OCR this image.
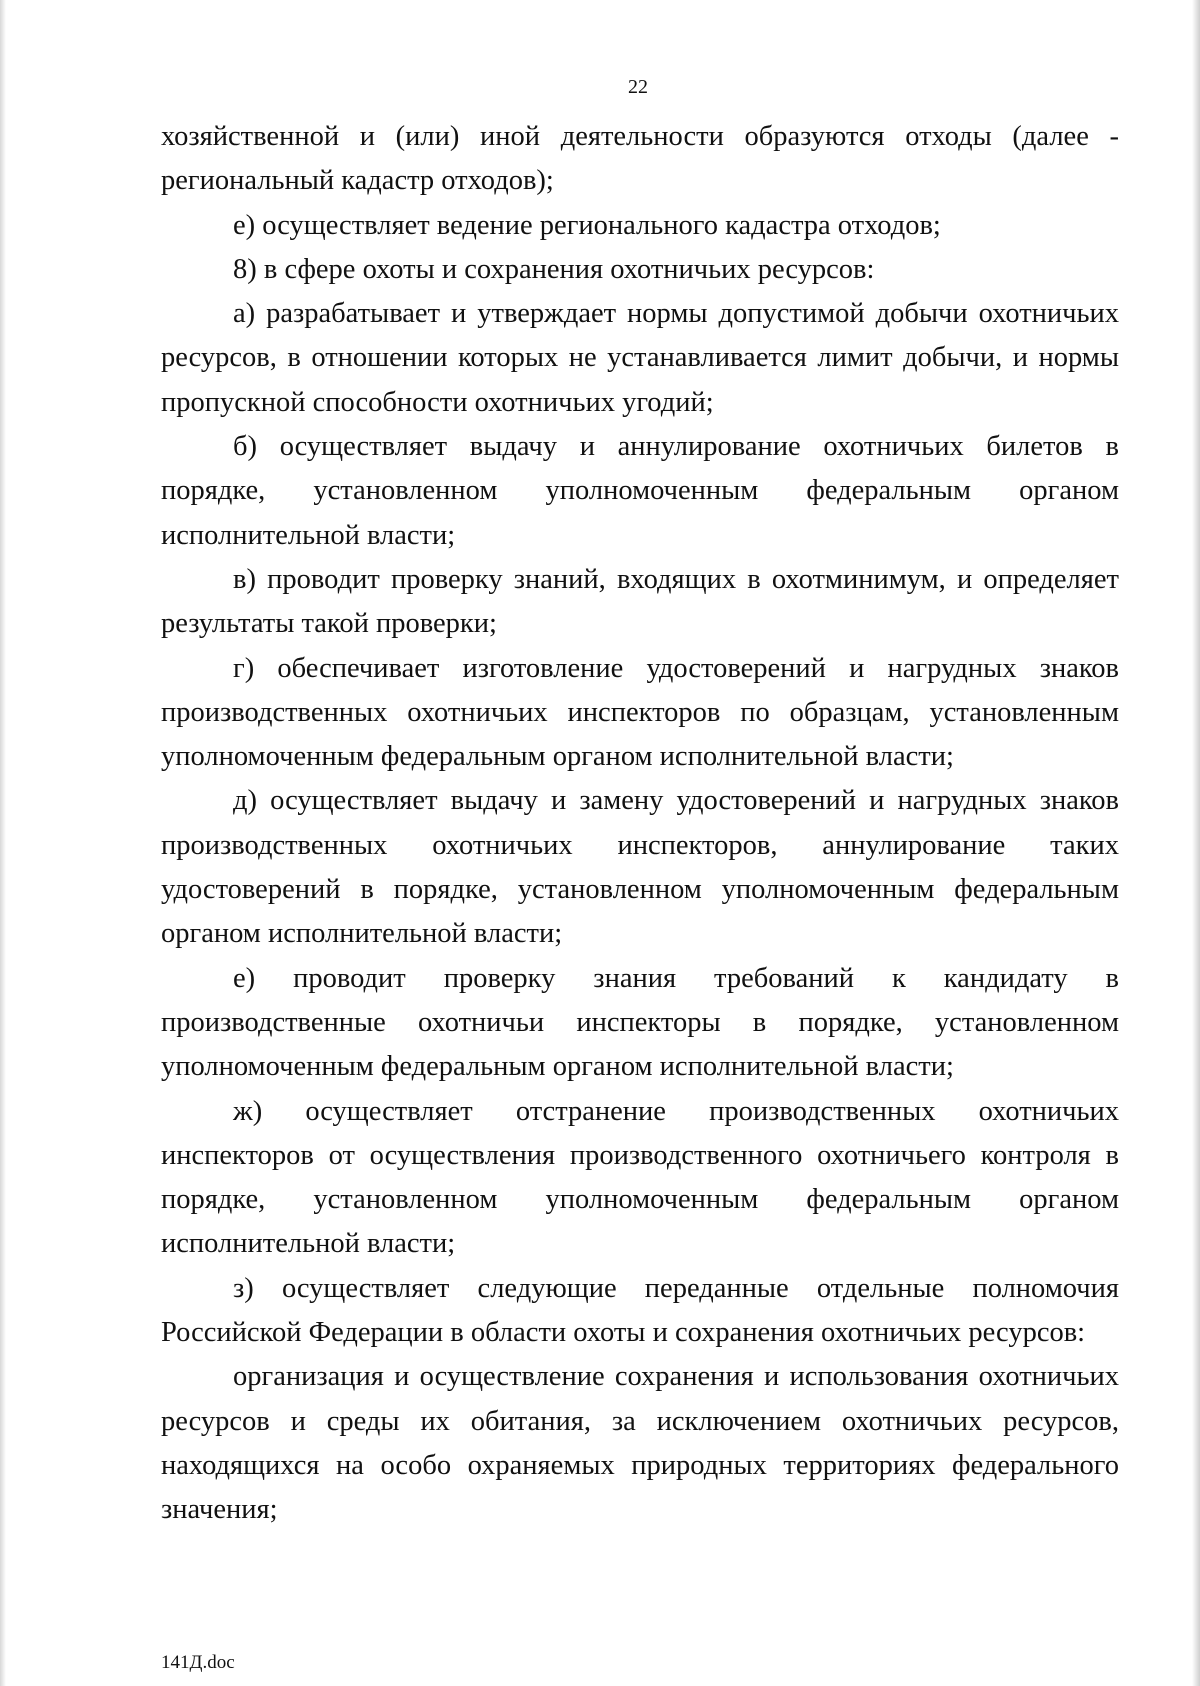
22

хозяйственной и (или) иной деятельности образуются отходы (далее - региональный кадастр отходов);

е) осуществляет ведение регионального кадастра отходов;

8) в сфере охоты и сохранения охотничьих ресурсов:

а) разрабатывает и утверждает нормы допустимой добычи охотничьих ресурсов, в отношении которых не устанавливается лимит добычи, и нормы пропускной способности охотничьих угодий;

б) осуществляет выдачу и аннулирование охотничьих билетов в порядке, установленном уполномоченным федеральным органом исполнительной власти;

в) проводит проверку знаний, входящих в охотминимум, и определяет результаты такой проверки;

г) обеспечивает изготовление удостоверений и нагрудных знаков производственных охотничьих инспекторов по образцам, установленным уполномоченным федеральным органом исполнительной власти;

д) осуществляет выдачу и замену удостоверений и нагрудных знаков производственных охотничьих инспекторов, аннулирование таких удостоверений в порядке, установленном уполномоченным федеральным органом исполнительной власти;

е) проводит проверку знания требований к кандидату в производственные охотничьи инспекторы в порядке, установленном уполномоченным федеральным органом исполнительной власти;

ж) осуществляет отстранение производственных охотничьих инспекторов от осуществления производственного охотничьего контроля в порядке, установленном уполномоченным федеральным органом исполнительной власти;

з) осуществляет следующие переданные отдельные полномочия Российской Федерации в области охоты и сохранения охотничьих ресурсов:

организация и осуществление сохранения и использования охотничьих ресурсов и среды их обитания, за исключением охотничьих ресурсов, находящихся на особо охраняемых природных территориях федерального значения;

141Д.doc
